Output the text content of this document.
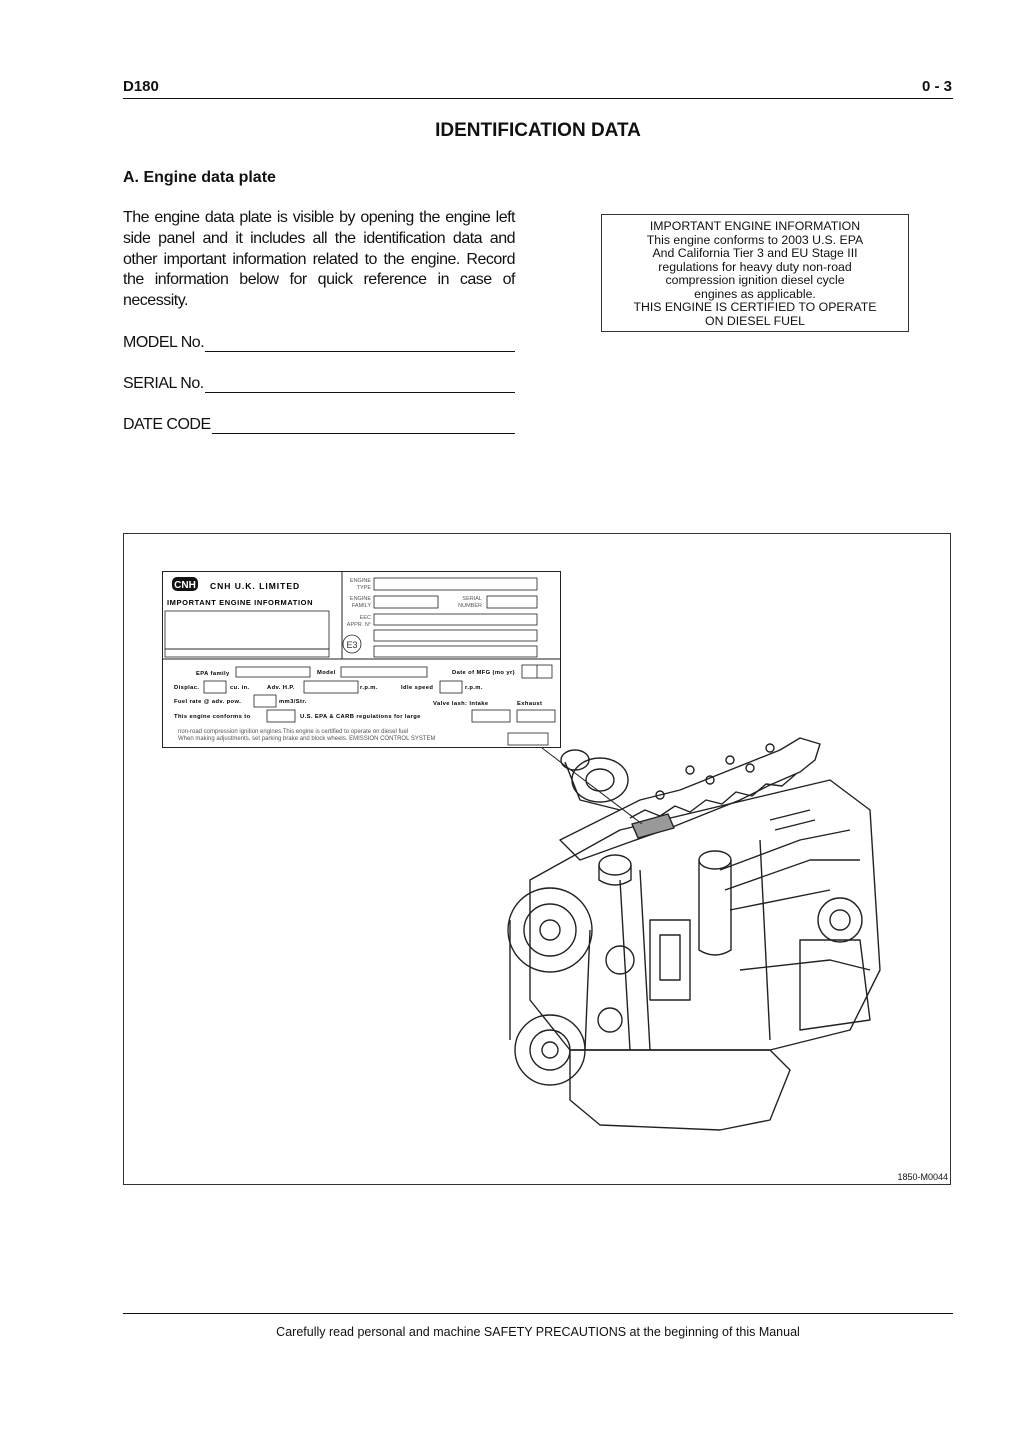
D180	0 - 3
IDENTIFICATION DATA
A. Engine data plate
The engine data plate is visible by opening the engine left side panel and it includes all the identification data and other important information related to the engine. Record the information below for quick reference in case of necessity.
MODEL No.
SERIAL No.
DATE CODE
IMPORTANT ENGINE INFORMATION
This engine conforms to 2003 U.S. EPA
And California Tier 3 and EU Stage III
regulations for heavy duty non-road
compression ignition diesel cycle
engines as applicable.
THIS ENGINE IS CERTIFIED TO OPERATE
ON DIESEL FUEL
CNH CNH U.K. LIMITED
IMPORTANT ENGINE INFORMATION
ENGINE
TYPE
ENGINE
FAMILY
SERIAL
NUMBER
EEC
APPR. N°
E3
EPA family	Model	Date of MFG (mo yr)
Displac.	cu. in.	Adv. H.P.	r.p.m.	Idle speed	r.p.m.
Fuel rate @ adv. pow.	mm3/Str.	Valve lash: Intake	Exhaust
This engine conforms to	U.S. EPA & CARB regulations for large
non-road compression ignition engines.This engine is certified to operate on diesel fuel
When making adjustments, set parking brake and block wheels. EMISSION CONTROL SYSTEM
1850-M0044
Carefully read personal and machine SAFETY PRECAUTIONS at the beginning of this Manual
